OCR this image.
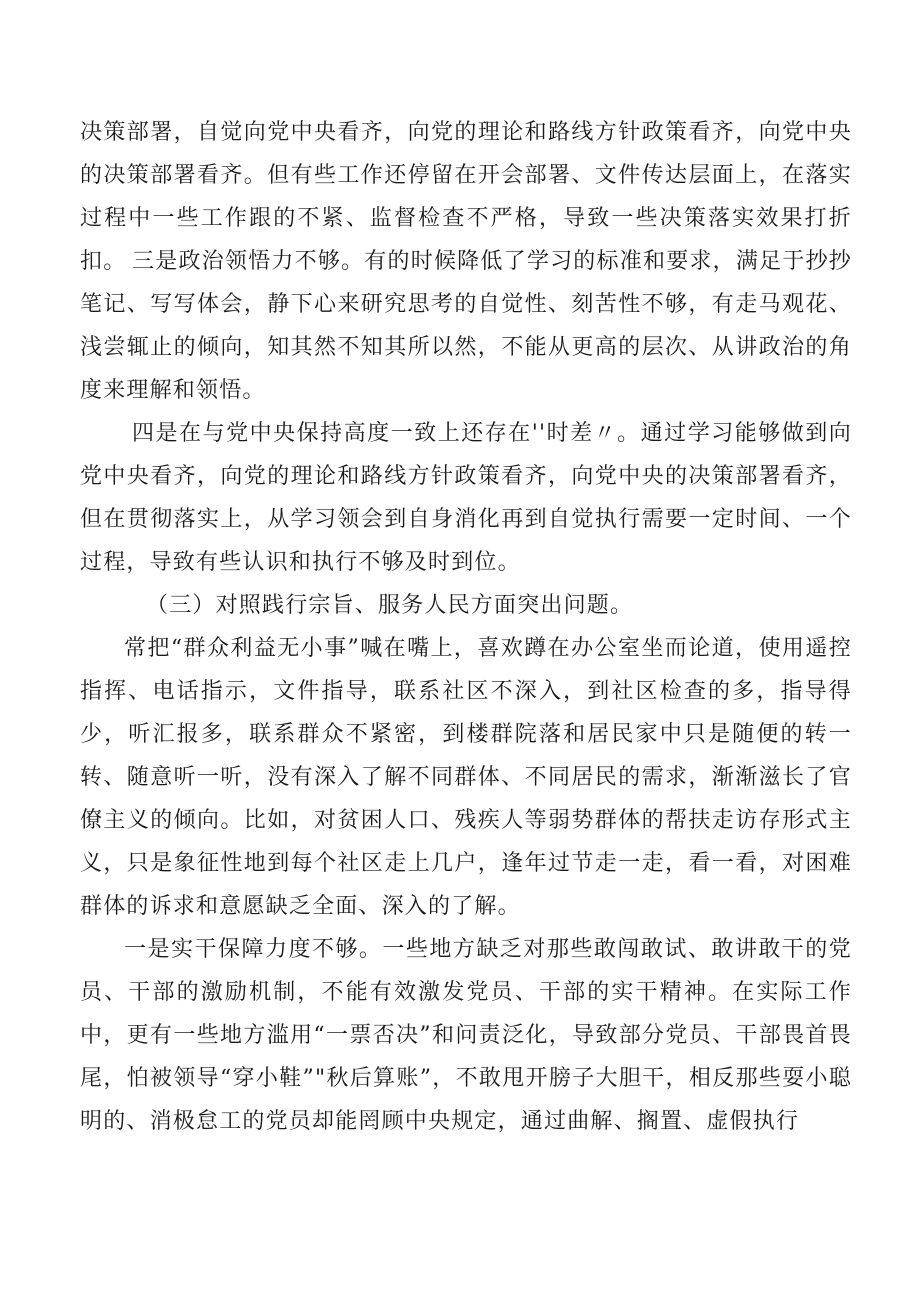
决策部署，自觉向党中央看齐，向党的理论和路线方针政策看齐，向党中央的决策部署看齐。但有些工作还停留在开会部署、文件传达层面上，在落实过程中一些工作跟的不紧、监督检查不严格，导致一些决策落实效果打折扣。 三是政治领悟力不够。有的时候降低了学习的标准和要求，满足于抄抄笔记、写写体会，静下心来研究思考的自觉性、刻苦性不够，有走马观花、浅尝辄止的倾向，知其然不知其所以然，不能从更高的层次、从讲政治的角度来理解和领悟。

四是在与党中央保持高度一致上还存在''时差〃。通过学习能够做到向党中央看齐，向党的理论和路线方针政策看齐，向党中央的决策部署看齐，但在贯彻落实上，从学习领会到自身消化再到自觉执行需要一定时间、一个过程，导致有些认识和执行不够及时到位。

（三）对照践行宗旨、服务人民方面突出问题。

常把“群众利益无小事”喊在嘴上，喜欢蹲在办公室坐而论道，使用遥控指挥、电话指示，文件指导，联系社区不深入，到社区检查的多，指导得少，听汇报多，联系群众不紧密，到楼群院落和居民家中只是随便的转一转、随意听一听，没有深入了解不同群体、不同居民的需求，渐渐滋长了官僚主义的倾向。比如，对贫困人口、残疾人等弱势群体的帮扶走访存形式主义，只是象征性地到每个社区走上几户，逢年过节走一走，看一看，对困难群体的诉求和意愿缺乏全面、深入的了解。

一是实干保障力度不够。一些地方缺乏对那些敢闯敢试、敢讲敢干的党员、干部的激励机制，不能有效激发党员、干部的实干精神。在实际工作中，更有一些地方滥用“一票否决”和问责泛化，导致部分党员、干部畏首畏尾，怕被领导“穿小鞋”"秋后算账”，不敢甩开膀子大胆干，相反那些耍小聪明的、消极怠工的党员却能罔顾中央规定，通过曲解、搁置、虚假执行
